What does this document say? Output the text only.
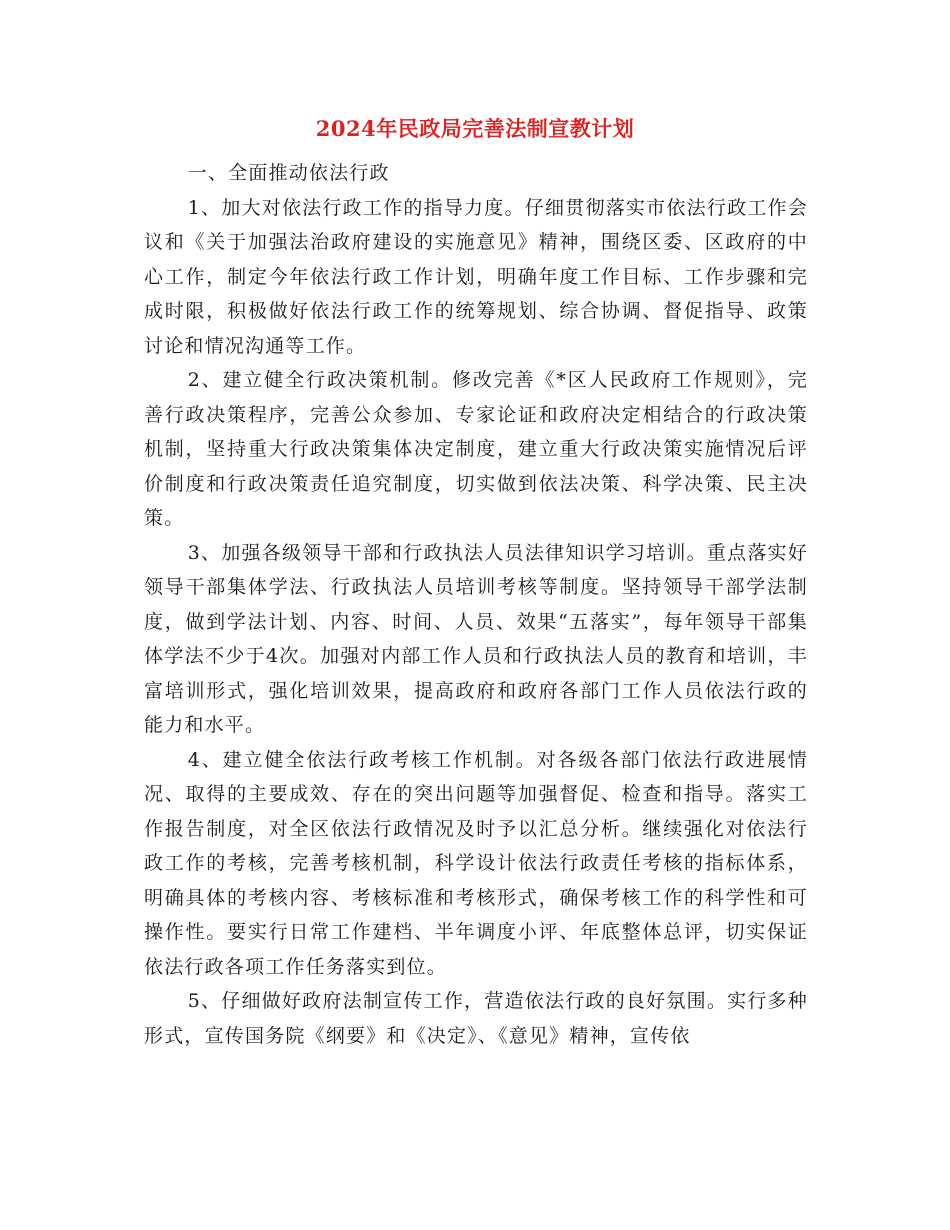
2024年民政局完善法制宣教计划

一、全面推动依法行政

1、加大对依法行政工作的指导力度。仔细贯彻落实市依法行政工作会议和《关于加强法治政府建设的实施意见》精神，围绕区委、区政府的中心工作，制定今年依法行政工作计划，明确年度工作目标、工作步骤和完成时限，积极做好依法行政工作的统筹规划、综合协调、督促指导、政策讨论和情况沟通等工作。

2、建立健全行政决策机制。修改完善《*区人民政府工作规则》，完善行政决策程序，完善公众参加、专家论证和政府决定相结合的行政决策机制，坚持重大行政决策集体决定制度，建立重大行政决策实施情况后评价制度和行政决策责任追究制度，切实做到依法决策、科学决策、民主决策。

3、加强各级领导干部和行政执法人员法律知识学习培训。重点落实好领导干部集体学法、行政执法人员培训考核等制度。坚持领导干部学法制度，做到学法计划、内容、时间、人员、效果“五落实”，每年领导干部集体学法不少于4次。加强对内部工作人员和行政执法人员的教育和培训，丰富培训形式，强化培训效果，提高政府和政府各部门工作人员依法行政的能力和水平。

4、建立健全依法行政考核工作机制。对各级各部门依法行政进展情况、取得的主要成效、存在的突出问题等加强督促、检查和指导。落实工作报告制度，对全区依法行政情况及时予以汇总分析。继续强化对依法行政工作的考核，完善考核机制，科学设计依法行政责任考核的指标体系，明确具体的考核内容、考核标准和考核形式，确保考核工作的科学性和可操作性。要实行日常工作建档、半年调度小评、年底整体总评，切实保证依法行政各项工作任务落实到位。

5、仔细做好政府法制宣传工作，营造依法行政的良好氛围。实行多种形式，宣传国务院《纲要》和《决定》、《意见》精神，宣传依
